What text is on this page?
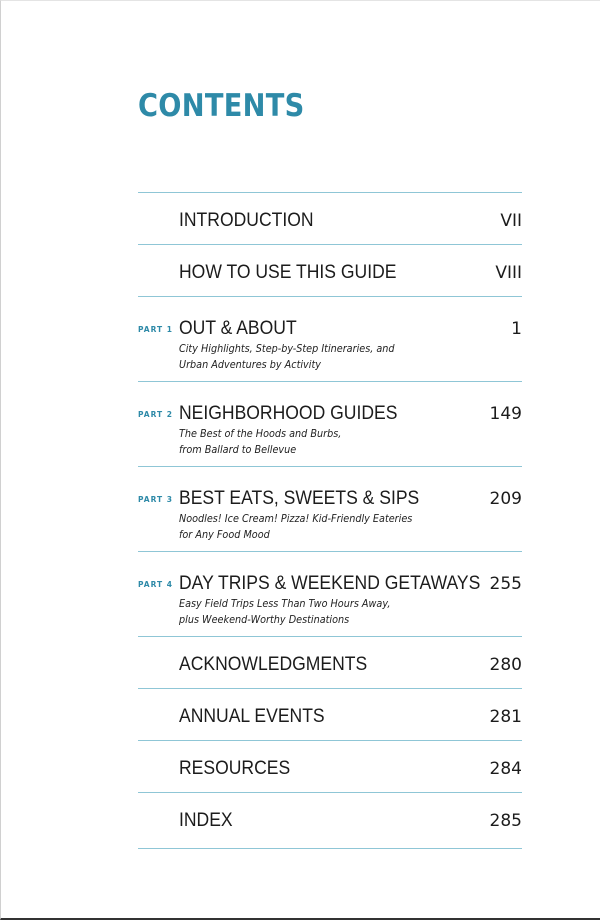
CONTENTS
INTRODUCTION	VII
HOW TO USE THIS GUIDE	VIII
PART 1 OUT & ABOUT	1
City Highlights, Step-by-Step Itineraries, and
Urban Adventures by Activity
PART 2 NEIGHBORHOOD GUIDES	149
The Best of the Hoods and Burbs,
from Ballard to Bellevue
PART 3 BEST EATS, SWEETS & SIPS	209
Noodles! Ice Cream! Pizza! Kid-Friendly Eateries
for Any Food Mood
PART 4 DAY TRIPS & WEEKEND GETAWAYS 255
Easy Field Trips Less Than Two Hours Away,
plus Weekend-Worthy Destinations
ACKNOWLEDGMENTS	280
ANNUAL EVENTS	281
RESOURCES	284
INDEX	285
